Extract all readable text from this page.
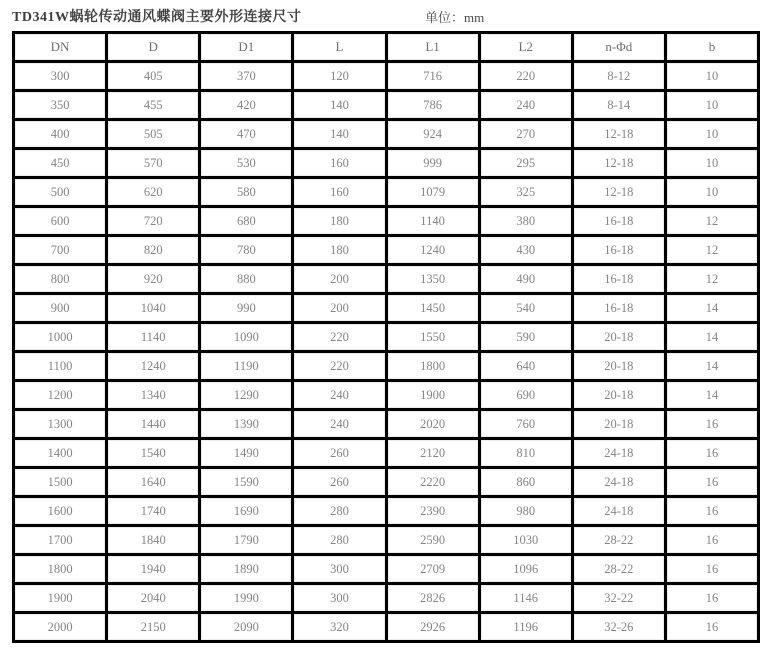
TD341W蜗轮传动通风蝶阀主要外形连接尺寸	单位：mm
DN	D	D1	L	L1	L2	n-Φd	b
300	405	370	120	716	220	8-12	10
350	455	420	140	786	240	8-14	10
400	505	470	140	924	270	12-18	10
450	570	530	160	999	295	12-18	10
500	620	580	160	1079	325	12-18	10
600	720	680	180	1140	380	16-18	12
700	820	780	180	1240	430	16-18	12
800	920	880	200	1350	490	16-18	12
900	1040	990	200	1450	540	16-18	14
1000	1140	1090	220	1550	590	20-18	14
1100	1240	1190	220	1800	640	20-18	14
1200	1340	1290	240	1900	690	20-18	14
1300	1440	1390	240	2020	760	20-18	16
1400	1540	1490	260	2120	810	24-18	16
1500	1640	1590	260	2220	860	24-18	16
1600	1740	1690	280	2390	980	24-18	16
1700	1840	1790	280	2590	1030	28-22	16
1800	1940	1890	300	2709	1096	28-22	16
1900	2040	1990	300	2826	1146	32-22	16
2000	2150	2090	320	2926	1196	32-26	16
